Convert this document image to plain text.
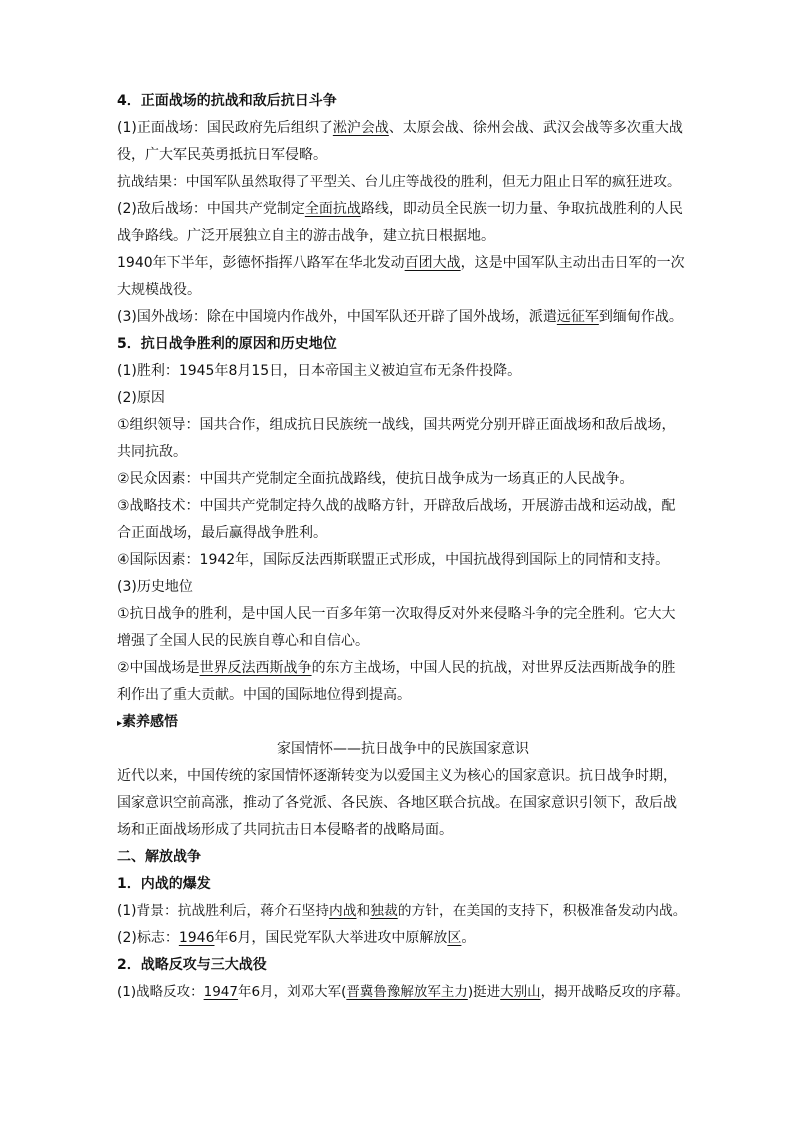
4．正面战场的抗战和敌后抗日斗争
(1)正面战场：国民政府先后组织了淞沪会战、太原会战、徐州会战、武汉会战等多次重大战
役，广大军民英勇抵抗日军侵略。
抗战结果：中国军队虽然取得了平型关、台儿庄等战役的胜利，但无力阻止日军的疯狂进攻。
(2)敌后战场：中国共产党制定全面抗战路线，即动员全民族一切力量、争取抗战胜利的人民
战争路线。广泛开展独立自主的游击战争，建立抗日根据地。
1940年下半年，彭德怀指挥八路军在华北发动百团大战，这是中国军队主动出击日军的一次
大规模战役。
(3)国外战场：除在中国境内作战外，中国军队还开辟了国外战场，派遣远征军到缅甸作战。
5．抗日战争胜利的原因和历史地位
(1)胜利：1945年8月15日，日本帝国主义被迫宣布无条件投降。
(2)原因
①组织领导：国共合作，组成抗日民族统一战线，国共两党分别开辟正面战场和敌后战场，
共同抗敌。
②民众因素：中国共产党制定全面抗战路线，使抗日战争成为一场真正的人民战争。
③战略技术：中国共产党制定持久战的战略方针，开辟敌后战场，开展游击战和运动战，配
合正面战场，最后赢得战争胜利。
④国际因素：1942年，国际反法西斯联盟正式形成，中国抗战得到国际上的同情和支持。
(3)历史地位
①抗日战争的胜利，是中国人民一百多年第一次取得反对外来侵略斗争的完全胜利。它大大
增强了全国人民的民族自尊心和自信心。
②中国战场是世界反法西斯战争的东方主战场，中国人民的抗战，对世界反法西斯战争的胜
利作出了重大贡献。中国的国际地位得到提高。
▸素养感悟
家国情怀——抗日战争中的民族国家意识
近代以来，中国传统的家国情怀逐渐转变为以爱国主义为核心的国家意识。抗日战争时期，
国家意识空前高涨，推动了各党派、各民族、各地区联合抗战。在国家意识引领下，敌后战
场和正面战场形成了共同抗击日本侵略者的战略局面。
二、解放战争
1．内战的爆发
(1)背景：抗战胜利后，蒋介石坚持内战和独裁的方针，在美国的支持下，积极准备发动内战。
(2)标志：1946年6月，国民党军队大举进攻中原解放区。
2．战略反攻与三大战役
(1)战略反攻：1947年6月，刘邓大军(晋冀鲁豫解放军主力)挺进大别山，揭开战略反攻的序幕。
